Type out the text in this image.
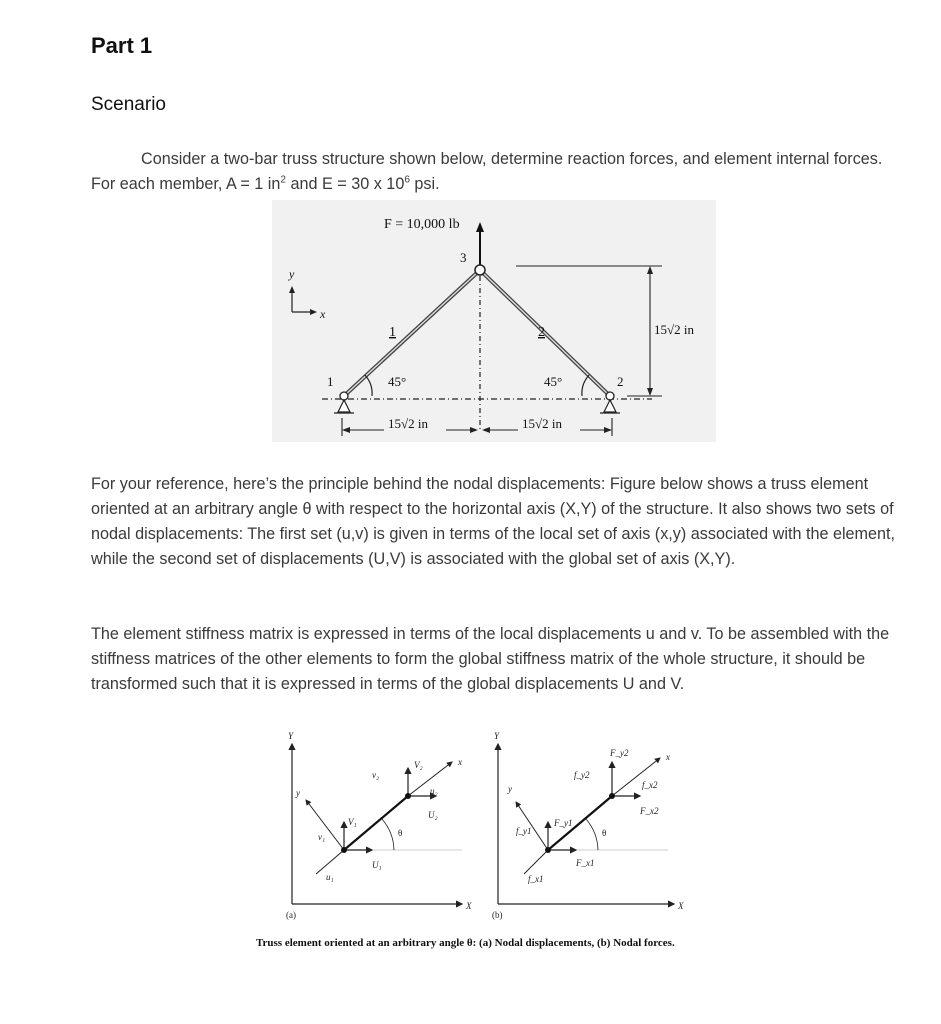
Part 1
Scenario

Consider a two-bar truss structure shown below, determine reaction forces, and element internal forces. For each member, A = 1 $in^2$ and E = 30 x $10^6$ psi.

F = 10,000 lb
3
1	2
1	2
45°	45°
y
x
15√2 in
15√2 in	15√2 in

For your reference, here’s the principle behind the nodal displacements: Figure below shows a truss element oriented at an arbitrary angle θ with respect to the horizontal axis (X,Y) of the structure. It also shows two sets of nodal displacements: The first set (u,v) is given in terms of the local set of axis (x,y) associated with the element, while the second set of displacements (U,V) is associated with the global set of axis (X,Y).

The element stiffness matrix is expressed in terms of the local displacements u and v. To be assembled with the stiffness matrices of the other elements to form the global stiffness matrix of the whole structure, it should be transformed such that it is expressed in terms of the global displacements U and V.

Y
X
x
y
θ
V₁
U₁
v₁
u₁
V₂
U₂
v₂
u₂
(a)
Y
X
x
y
θ
F_y1
F_x1
f_y1
f_x1
F_y2
F_x2
f_y2
f_x2
(b)
Truss element oriented at an arbitrary angle θ: (a) Nodal displacements, (b) Nodal forces.
